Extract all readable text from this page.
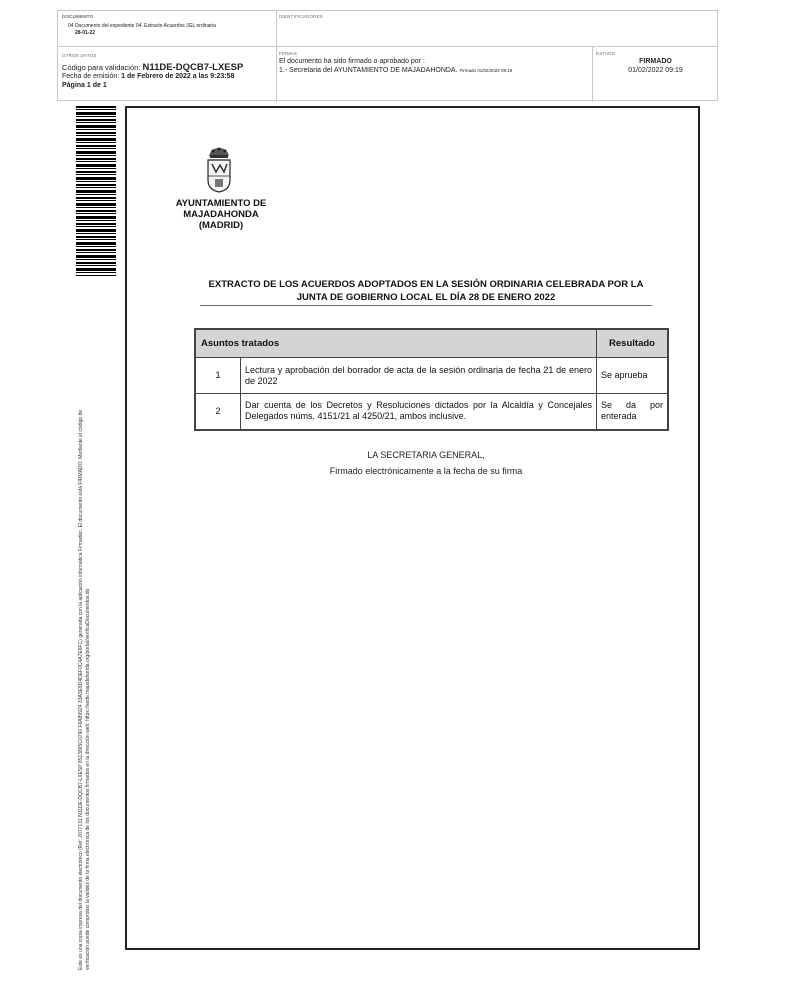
DOCUMENTO
04 Documento del expediente 04. Extracto Acuerdos JGL ordinaria
28-01-22
IDENTIFICADORES
OTROS DATOS
Código para validación: N11DE-DQCB7-LXESP
Fecha de emisión: 1 de Febrero de 2022 a las 9:23:58
Página 1 de 1
FIRMAS
El documento ha sido firmado o aprobado por :
1.- Secretaria del AYUNTAMIENTO DE MAJADAHONDA. Firmado 01/02/2022 09:19
ESTADO
FIRMADO
01/02/2022 09:19
Este es una copia impresa del documento electrónico (Ref: 2077131 N11DE-DQCB7-LXESP 8513865C0790 F6A89924 33A3E9D4DEF0C4A7E6FC) generada con la aplicación informática Firmadoc. El documento está FIRMADO. Mediante el código de verificación puede comprobar la validez de la firma electrónica de los documentos firmados en la dirección web: https://sede.majadahonda.org/portal/verificaDocumentos.do
AYUNTAMIENTO DE
MAJADAHONDA
(MADRID)
EXTRACTO DE LOS ACUERDOS ADOPTADOS EN LA SESIÓN ORDINARIA CELEBRADA POR LA JUNTA DE GOBIERNO LOCAL EL DÍA 28 DE ENERO 2022
Asuntos tratados		Resultado
1	Lectura y aprobación del borrador de acta de la sesión ordinaria de fecha 21 de enero de 2022	Se aprueba
2	Dar cuenta de los Decretos y Resoluciones dictados por la Alcaldía y Concejales Delegados núms. 4151/21 al 4250/21, ambos inclusive.	Se da por enterada
LA SECRETARIA GENERAL,
Firmado electrónicamente a la fecha de su firma
